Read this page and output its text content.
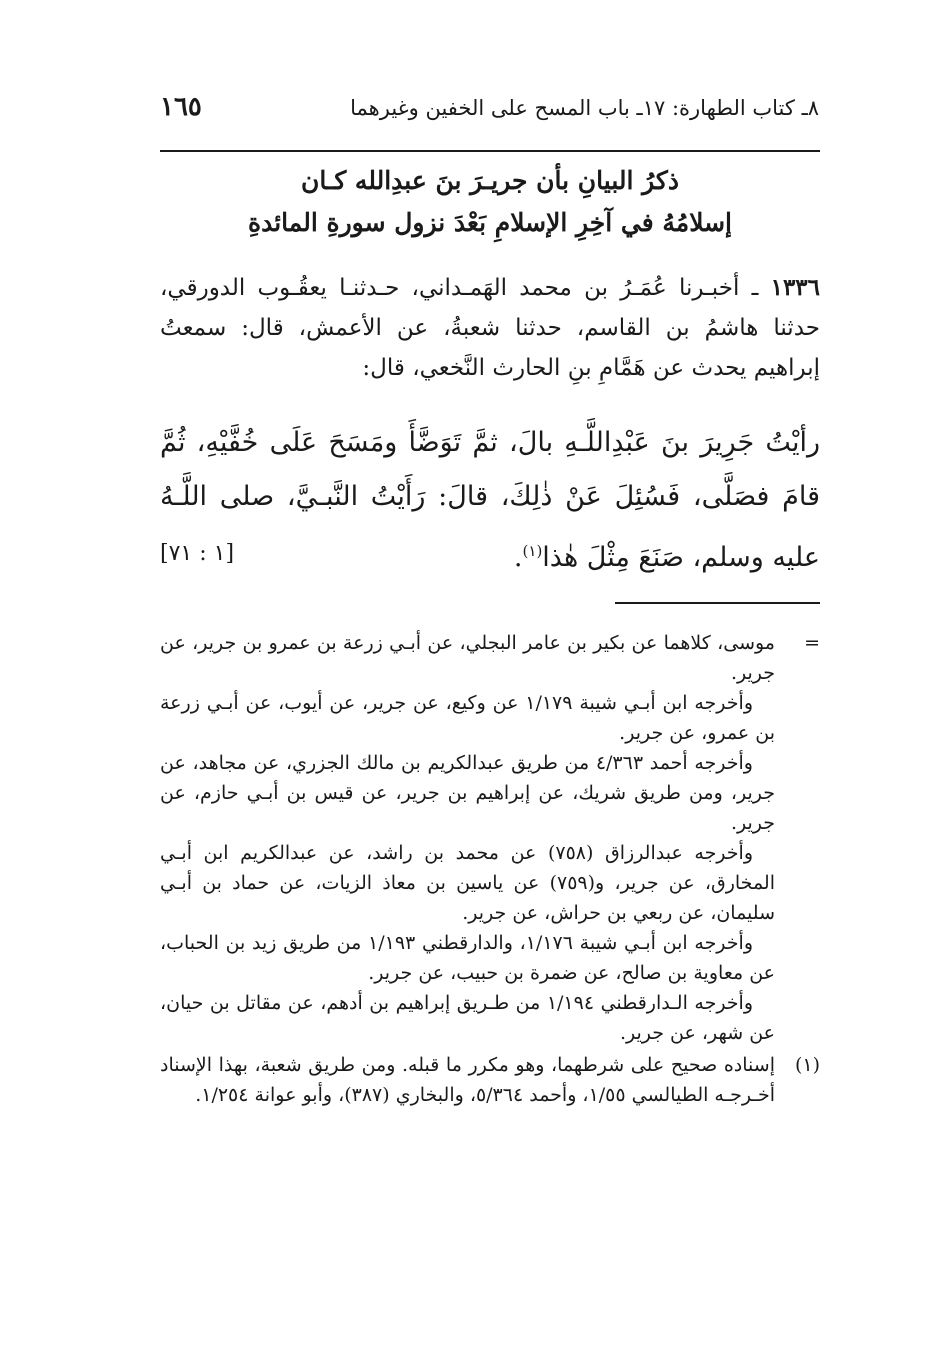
٨ـ كتاب الطهارة: ١٧ـ باب المسح على الخفين وغيرهما
١٦٥
ذكرُ البيانِ بأن جريـرَ بنَ عبدِالله كـان
إسلامُهُ في آخِرِ الإسلامِ بَعْدَ نزول سورةِ المائدةِ
١٣٣٦ ـ أخبـرنا عُمَـرُ بن محمد الهَمـداني، حـدثنـا يعقُـوب الدورقي، حدثنا هاشمُ بن القاسم، حدثنا شعبةُ، عن الأعمش، قال: سمعتُ إبراهيم يحدث عن هَمَّامِ بنِ الحارث النَّخعي، قال:
رأيْتُ جَرِيرَ بنَ عَبْدِاللَّـهِ بالَ، ثمَّ تَوَضَّأَ ومَسَحَ عَلَى خُفَّيْهِ، ثُمَّ قامَ فصَلَّى، فَسُئِلَ عَنْ ذٰلِكَ، قالَ: رَأَيْتُ النَّبـيَّ، صلى اللَّـهُ عليه وسلم، صَنَعَ مِثْلَ هٰذا$^{(١)}$.
[١ : ٧١]
=

موسى، كلاهما عن بكير بن عامر البجلي، عن أبـي زرعة بن عمرو بن جرير، عن جرير.

وأخرجه ابن أبـي شيبة ١/١٧٩ عن وكيع، عن جرير، عن أيوب، عن أبـي زرعة بن عمرو، عن جرير.

وأخرجه أحمد ٤/٣٦٣ من طريق عبدالكريم بن مالك الجزري، عن مجاهد، عن جرير، ومن طريق شريك، عن إبراهيم بن جرير، عن قيس بن أبـي حازم، عن جرير.

وأخرجه عبدالرزاق (٧٥٨) عن محمد بن راشد، عن عبدالكريم ابن أبـي المخارق، عن جرير، و(٧٥٩) عن ياسين بن معاذ الزيات، عن حماد بن أبـي سليمان، عن ربعي بن حراش، عن جرير.

وأخرجه ابن أبـي شيبة ١/١٧٦، والدارقطني ١/١٩٣ من طريق زيد بن الحباب، عن معاوية بن صالح، عن ضمرة بن حبيب، عن جرير.

وأخرجه الـدارقطني ١/١٩٤ من طـريق إبراهيم بن أدهم، عن مقاتل بن حيان، عن شهر، عن جرير.

(١)

إسناده صحيح على شرطهما، وهو مكرر ما قبله. ومن طريق شعبة، بهذا الإسناد أخـرجـه الطيالسي ١/٥٥، وأحمد ٥/٣٦٤، والبخاري (٣٨٧)، وأبو عوانة ١/٢٥٤.
